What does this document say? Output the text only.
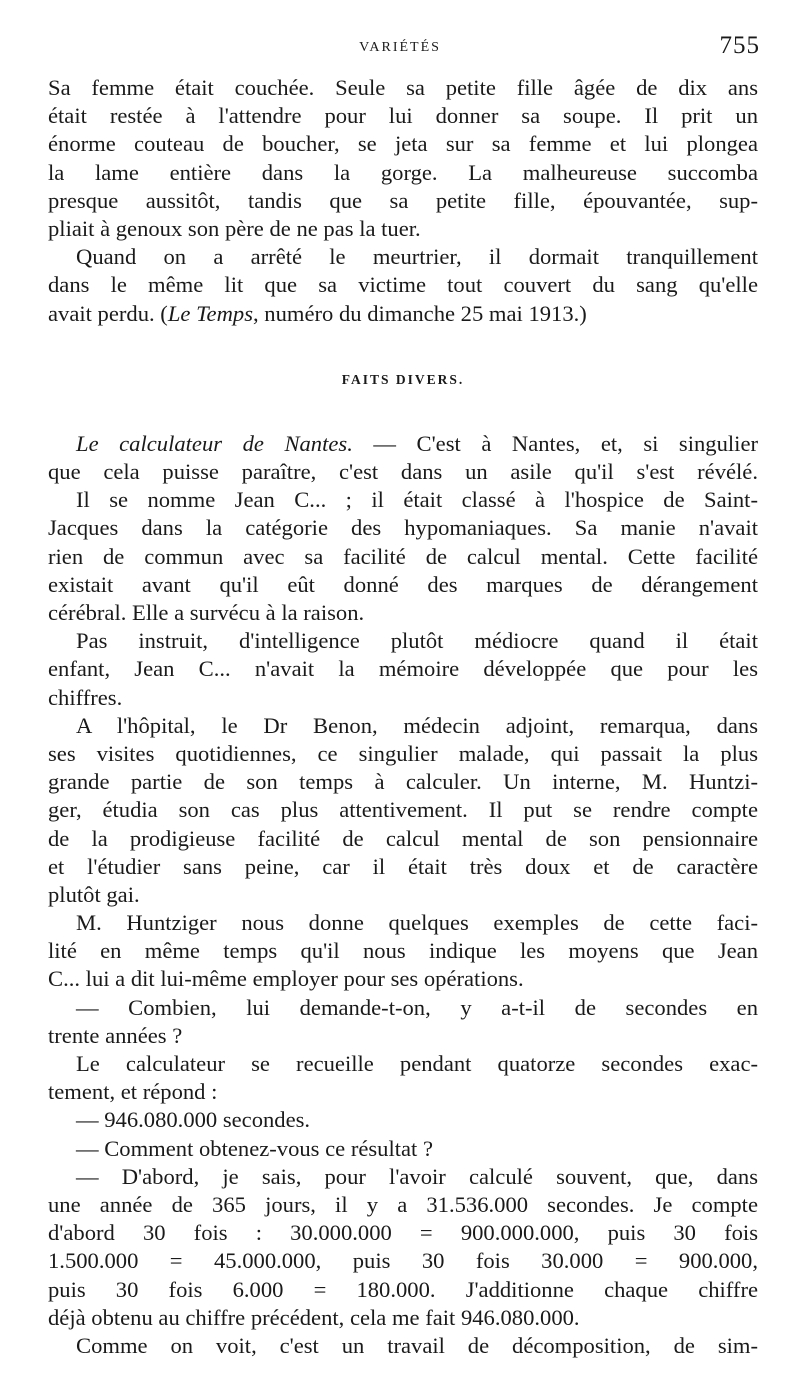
VARIÉTÉS	755
Sa femme était couchée. Seule sa petite fille âgée de dix ans
était restée à l'attendre pour lui donner sa soupe. Il prit un
énorme couteau de boucher, se jeta sur sa femme et lui plongea
la lame entière dans la gorge. La malheureuse succomba
presque aussitôt, tandis que sa petite fille, épouvantée, sup-
pliait à genoux son père de ne pas la tuer.
Quand on a arrêté le meurtrier, il dormait tranquillement
dans le même lit que sa victime tout couvert du sang qu'elle
avait perdu. (Le Temps, numéro du dimanche 25 mai 1913.)
FAITS DIVERS.
Le calculateur de Nantes. — C'est à Nantes, et, si singulier
que cela puisse paraître, c'est dans un asile qu'il s'est révélé.
Il se nomme Jean C... ; il était classé à l'hospice de Saint-
Jacques dans la catégorie des hypomaniaques. Sa manie n'avait
rien de commun avec sa facilité de calcul mental. Cette facilité
existait avant qu'il eût donné des marques de dérangement
cérébral. Elle a survécu à la raison.
Pas instruit, d'intelligence plutôt médiocre quand il était
enfant, Jean C... n'avait la mémoire développée que pour les
chiffres.
A l'hôpital, le Dr Benon, médecin adjoint, remarqua, dans
ses visites quotidiennes, ce singulier malade, qui passait la plus
grande partie de son temps à calculer. Un interne, M. Huntzi-
ger, étudia son cas plus attentivement. Il put se rendre compte
de la prodigieuse facilité de calcul mental de son pensionnaire
et l'étudier sans peine, car il était très doux et de caractère
plutôt gai.
M. Huntziger nous donne quelques exemples de cette faci-
lité en même temps qu'il nous indique les moyens que Jean
C... lui a dit lui-même employer pour ses opérations.
— Combien, lui demande-t-on, y a-t-il de secondes en
trente années ?
Le calculateur se recueille pendant quatorze secondes exac-
tement, et répond :
— 946.080.000 secondes.
— Comment obtenez-vous ce résultat ?
— D'abord, je sais, pour l'avoir calculé souvent, que, dans
une année de 365 jours, il y a 31.536.000 secondes. Je compte
d'abord 30 fois : 30.000.000 = 900.000.000, puis 30 fois
1.500.000 = 45.000.000, puis 30 fois 30.000 = 900.000,
puis 30 fois 6.000 = 180.000. J'additionne chaque chiffre
déjà obtenu au chiffre précédent, cela me fait 946.080.000.
Comme on voit, c'est un travail de décomposition, de sim-
